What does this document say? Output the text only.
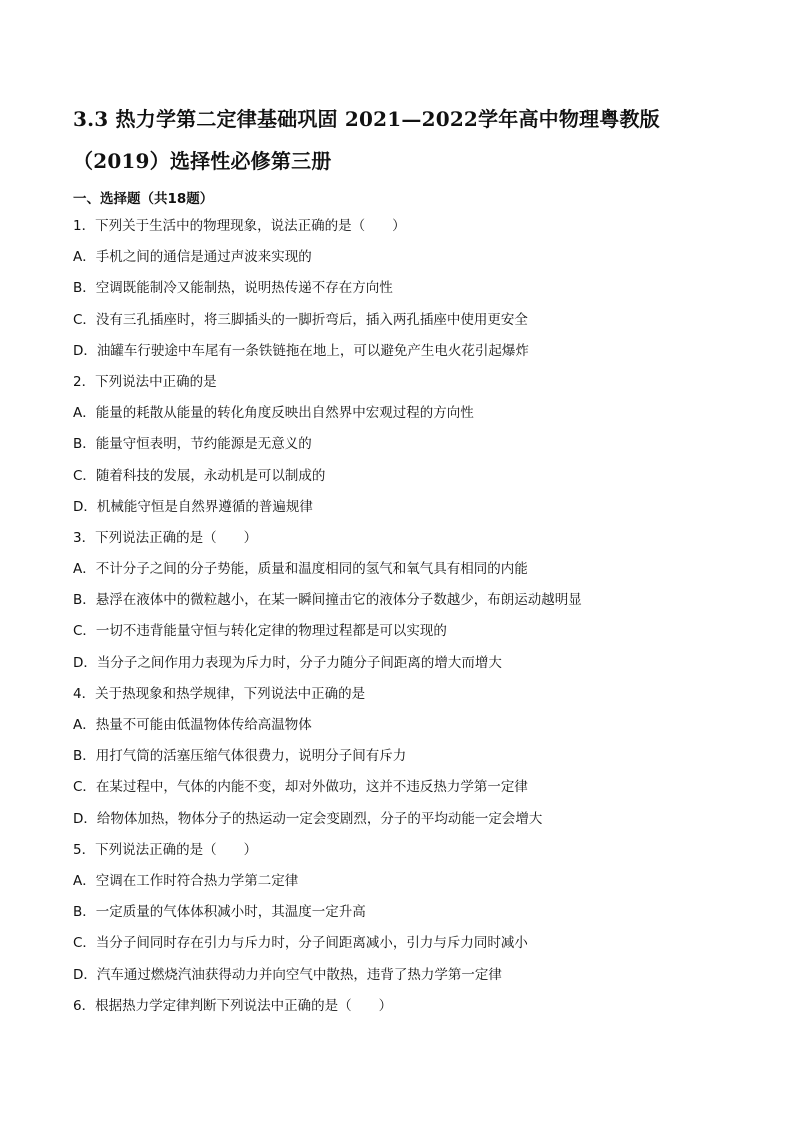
3.3 热力学第二定律基础巩固 2021—2022学年高中物理粤教版
（2019）选择性必修第三册
一、选择题（共18题）
1．下列关于生活中的物理现象，说法正确的是（　　）
A．手机之间的通信是通过声波来实现的
B．空调既能制冷又能制热，说明热传递不存在方向性
C．没有三孔插座时，将三脚插头的一脚折弯后，插入两孔插座中使用更安全
D．油罐车行驶途中车尾有一条铁链拖在地上，可以避免产生电火花引起爆炸
2．下列说法中正确的是
A．能量的耗散从能量的转化角度反映出自然界中宏观过程的方向性
B．能量守恒表明，节约能源是无意义的
C．随着科技的发展，永动机是可以制成的
D．机械能守恒是自然界遵循的普遍规律
3．下列说法正确的是（　　）
A．不计分子之间的分子势能，质量和温度相同的氢气和氧气具有相同的内能
B．悬浮在液体中的微粒越小，在某一瞬间撞击它的液体分子数越少，布朗运动越明显
C．一切不违背能量守恒与转化定律的物理过程都是可以实现的
D．当分子之间作用力表现为斥力时，分子力随分子间距离的增大而增大
4．关于热现象和热学规律，下列说法中正确的是
A．热量不可能由低温物体传给高温物体
B．用打气筒的活塞压缩气体很费力，说明分子间有斥力
C．在某过程中，气体的内能不变，却对外做功，这并不违反热力学第一定律
D．给物体加热，物体分子的热运动一定会变剧烈，分子的平均动能一定会增大
5．下列说法正确的是（　　）
A．空调在工作时符合热力学第二定律
B．一定质量的气体体积减小时，其温度一定升高
C．当分子间同时存在引力与斥力时，分子间距离减小，引力与斥力同时减小
D．汽车通过燃烧汽油获得动力并向空气中散热，违背了热力学第一定律
6．根据热力学定律判断下列说法中正确的是（　　）
